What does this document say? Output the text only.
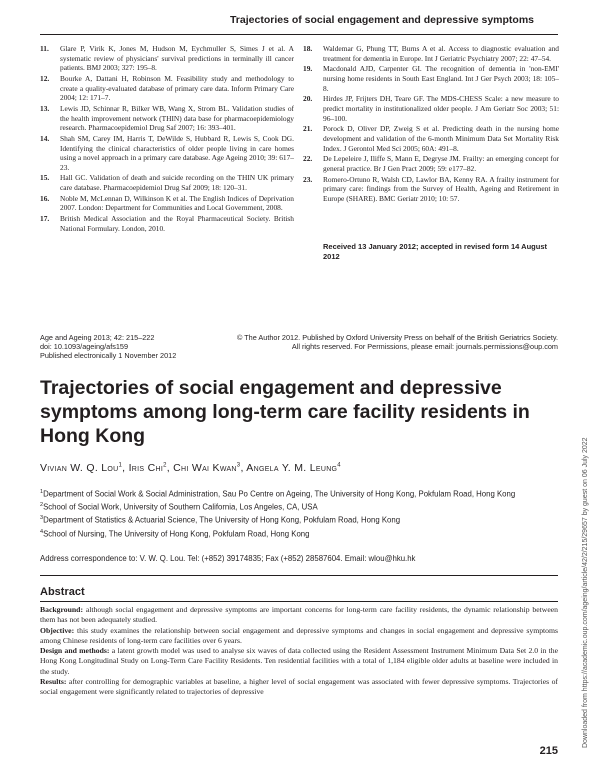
Trajectories of social engagement and depressive symptoms
11.	Glare P, Virik K, Jones M, Hudson M, Eychmuller S, Simes J et al. A systematic review of physicians' survival predictions in terminally ill cancer patients. BMJ 2003; 327: 195–8.
12.	Bourke A, Dattani H, Robinson M. Feasibility study and methodology to create a quality-evaluated database of primary care data. Inform Primary Care 2004; 12: 171–7.
13.	Lewis JD, Schinnar R, Bilker WB, Wang X, Strom BL. Validation studies of the health improvement network (THIN) data base for pharmacoepidemiology research. Pharmacoepidemiol Drug Saf 2007; 16: 393–401.
14.	Shah SM, Carey IM, Harris T, DeWilde S, Hubbard R, Lewis S, Cook DG. Identifying the clinical characteristics of older people living in care homes using a novel approach in a primary care database. Age Ageing 2010; 39: 617–23.
15.	Hall GC. Validation of death and suicide recording on the THIN UK primary care database. Pharmacoepidemiol Drug Saf 2009; 18: 120–31.
16.	Noble M, McLennan D, Wilkinson K et al. The English Indices of Deprivation 2007. London: Department for Communities and Local Government, 2008.
17.	British Medical Association and the Royal Pharmaceutical Society. British National Formulary. London, 2010.
18.	Waldemar G, Phung TT, Burns A et al. Access to diagnostic evaluation and treatment for dementia in Europe. Int J Geriatric Psychiatry 2007; 22: 47–54.
19.	Macdonald AJD, Carpenter GI. The recognition of dementia in 'non-EMI' nursing home residents in South East England. Int J Ger Psych 2003; 18: 105–8.
20.	Hirdes JP, Frijters DH, Teare GF. The MDS-CHESS Scale: a new measure to predict mortality in institutionalized older people. J Am Geriatr Soc 2003; 51: 96–100.
21.	Porock D, Oliver DP, Zweig S et al. Predicting death in the nursing home development and validation of the 6-month Minimum Data Set Mortality Risk Index. J Gerontol Med Sci 2005; 60A: 491–8.
22.	De Lepeleire J, Iliffe S, Mann E, Degryse JM. Frailty: an emerging concept for general practice. Br J Gen Pract 2009; 59: e177–82.
23.	Romero-Ortuno R, Walsh CD, Lawlor BA, Kenny RA. A frailty instrument for primary care: findings from the Survey of Health, Ageing and Retirement in Europe (SHARE). BMC Geriatr 2010; 10: 57.
Received 13 January 2012; accepted in revised form 14 August 2012
Downloaded from https://academic.oup.com/ageing/article/42/2/215/29657 by guest on 06 July 2022
Age and Ageing 2013; 42: 215–222
doi: 10.1093/ageing/afs159
Published electronically 1 November 2012
© The Author 2012. Published by Oxford University Press on behalf of the British Geriatrics Society.
All rights reserved. For Permissions, please email: journals.permissions@oup.com
Trajectories of social engagement and depressive symptoms among long-term care facility residents in Hong Kong
Vivian W. Q. Lou$^1$, Iris Chi$^2$, Chi Wai Kwan$^3$, Angela Y. M. Leung$^4$
$^1$Department of Social Work & Social Administration, Sau Po Centre on Ageing, The University of Hong Kong, Pokfulam Road, Hong Kong
$^2$School of Social Work, University of Southern California, Los Angeles, CA, USA
$^3$Department of Statistics & Actuarial Science, The University of Hong Kong, Pokfulam Road, Hong Kong
$^4$School of Nursing, The University of Hong Kong, Pokfulam Road, Hong Kong
Address correspondence to: V. W. Q. Lou. Tel: (+852) 39174835; Fax (+852) 28587604. Email: wlou@hku.hk
Abstract

Background: although social engagement and depressive symptoms are important concerns for long-term care facility residents, the dynamic relationship between them has not been adequately studied.

Objective: this study examines the relationship between social engagement and depressive symptoms and changes in social engagement and depressive symptoms among Chinese residents of long-term care facilities over 6 years.

Design and methods: a latent growth model was used to analyse six waves of data collected using the Resident Assessment Instrument Minimum Data Set 2.0 in the Hong Kong Longitudinal Study on Long-Term Care Facility Residents. Ten residential facilities with a total of 1,184 eligible older adults at baseline were included in the study.

Results: after controlling for demographic variables at baseline, a higher level of social engagement was associated with fewer depressive symptoms. Trajectories of social engagement were significantly related to trajectories of depressive

215
